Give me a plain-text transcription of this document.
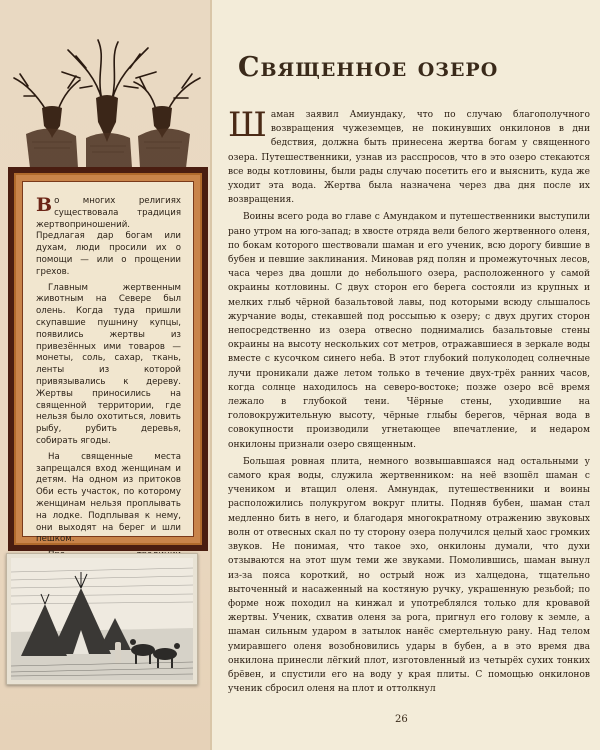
Во многих религиях существовала традиция жертвоприношений. Предлагая дар богам или духам, люди просили их о помощи — или о прощении грехов.

Главным жертвенным животным на Севере был олень. Когда туда пришли скупавшие пушнину купцы, появились жертвы из привезённых ими товаров — монеты, соль, сахар, ткань, ленты из которой привязывались к дереву. Жертвы приносились на священной территории, где нельзя было охотиться, ловить рыбу, рубить деревья, собирать ягоды.

На священные места запрещался вход женщинам и детям. На одном из притоков Оби есть участок, по которому женщинам нельзя проплывать на лодке. Подплывая к нему, они выходят на берег и шли пешком.

Священное озеро

Шаман заявил Амиундаку, что по случаю благополучного возвращения чужеземцев, не покинувших онкилонов в дни бедствия, должна быть принесена жертва богам у священного озера. Путешественники, узнав из расспросов, что в это озеро стекаются все воды котловины, были рады случаю посетить его и выяснить, куда же уходит эта вода. Жертва была назначена через два дня после их возвращения.

Воины всего рода во главе с Амундаком и путешественники выступили рано утром на юго-запад; в хвосте отряда вели белого жертвенного оленя, по бокам которого шествовали шаман и его ученик, всю дорогу бившие в бубен и певшие заклинания. Миновав ряд полян и промежуточных лесов, часа через два дошли до небольшого озера, расположенного у самой окраины котловины. С двух сторон его берега состояли из крупных и мелких глыб чёрной базальтовой лавы, под которыми всюду слышалось журчание воды, стекавшей под россыпью к озеру; с двух других сторон непосредственно из озера отвесно поднимались базальтовые стены окраины на высоту нескольких сот метров, отражавшиеся в зеркале воды вместе с кусочком синего неба. В этот глубокий полуколодец солнечные лучи проникали даже летом только в течение двух-трёх ранних часов, когда солнце находилось на северо-востоке; позже озеро всё время лежало в глубокой тени. Чёрные стены, уходившие на головокружительную высоту, чёрные глыбы берегов, чёрная вода в совокупности производили угнетающее впечатление, и недаром онкилоны признали озеро священным.

Большая ровная плита, немного возвышавшаяся над остальными у самого края воды, служила жертвенником: на неё взошёл шаман с учеником и втащил оленя. Амнундак, путешественники и воины расположились полукругом вокруг плиты. Подняв бубен, шаман стал медленно бить в него, и благодаря многократному отражению звуковых волн от отвесных скал по ту сторону озера получился целый хаос громких звуков. Не понимая, что такое эхо, онкилоны думали, что духи отзываются на этот шум теми же звуками. Помолившись, шаман вынул из-за пояса короткий, но острый нож из халцедона, тщательно выточенный и насаженный на костяную ручку, украшенную резьбой; по форме нож походил на кинжал и употреблялся только для кровавой жертвы. Ученик, схватив оленя за рога, пригнул его голову к земле, а шаман сильным ударом в затылок нанёс смертельную рану. Над телом умиравшего оленя возобновились удары в бубен, а в это время два онкилона принесли лёгкий плот, изготовленный из четырёх сухих тонких брёвен, и спустили его на воду у края плиты. С помощью онкилонов ученик сбросил оленя на плот и оттолкнул

26
